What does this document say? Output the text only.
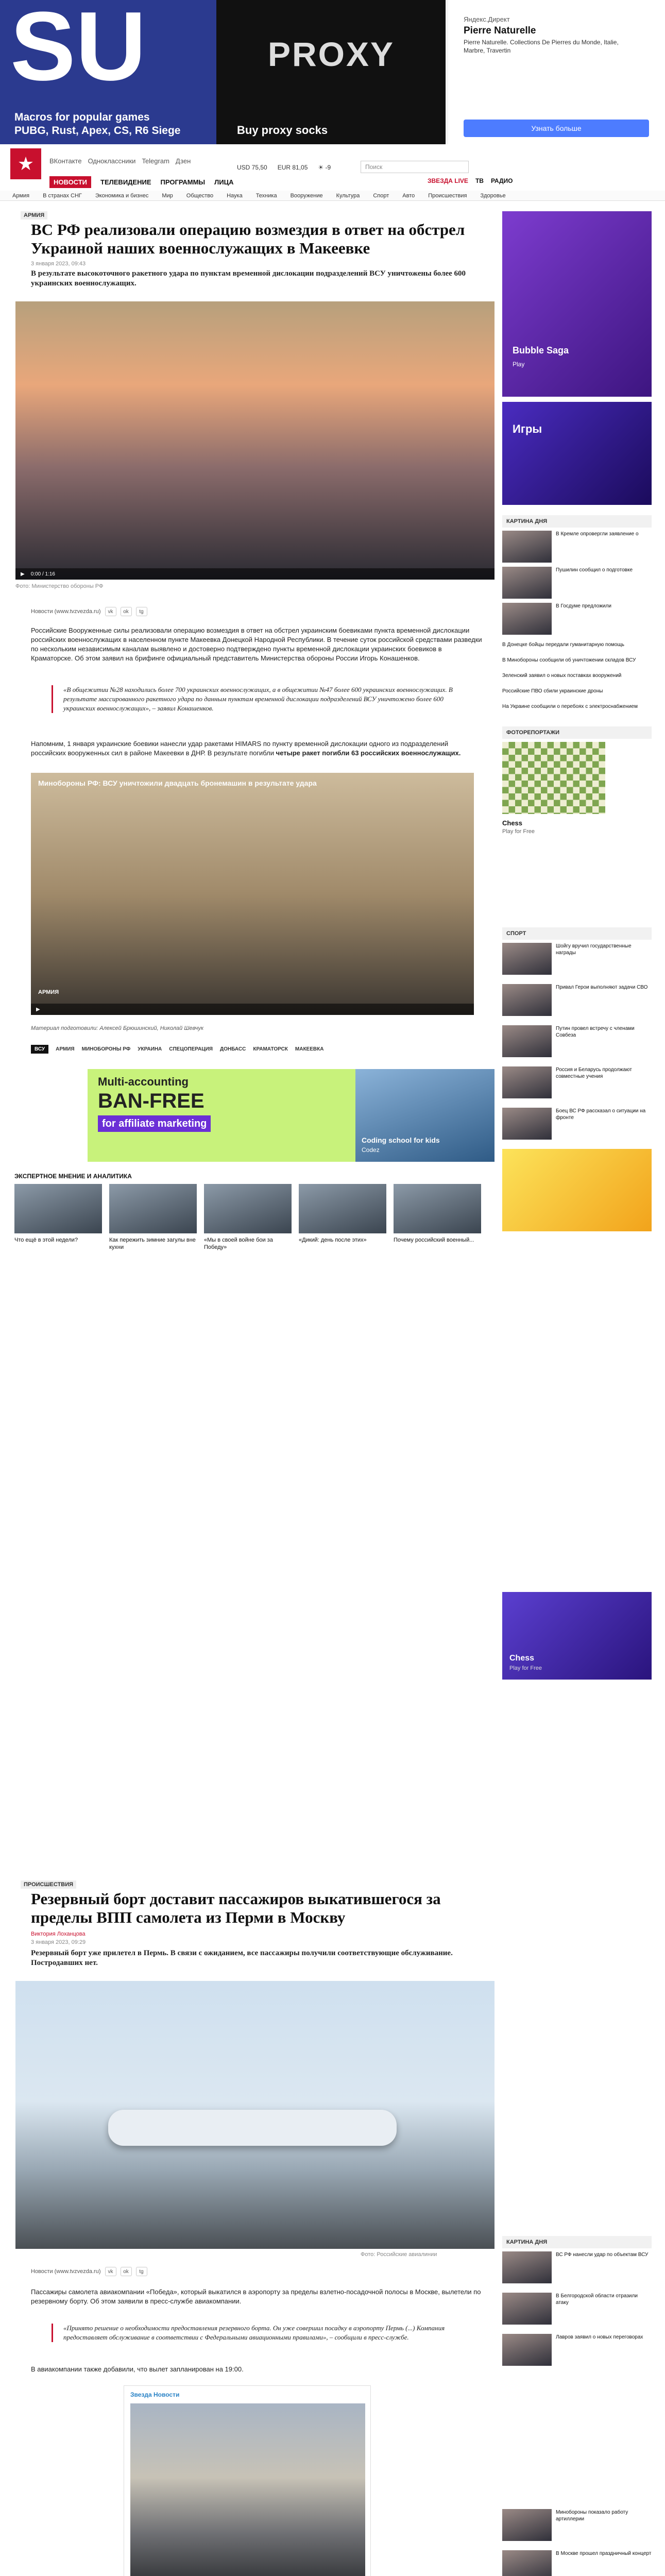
SU
Macros for popular games
PUBG, Rust, Apex, CS, R6 Siege
PROXY
Buy proxy socks
Яндекс.Директ
Pierre Naturelle
Pierre Naturelle. Collections De Pierres du Monde, Italie, Marbre, Travertin
Узнать больше
★	ВКонтакте Одноклассники Telegram Дзен
USD 75,50 EUR 81,05 ☀ -9	Поиск
НОВОСТИ	ТЕЛЕВИДЕНИЕ ПРОГРАММЫ ЛИЦА	ЗВЕЗДА LIVE ТВ РАДИО
Армия В странах СНГ Экономика и бизнес Мир Общество Наука Техника Вооружение Культура Спорт Авто Происшествия Здоровье
АРМИЯ
ВС РФ реализовали операцию возмездия в ответ на обстрел Украиной наших военнослужащих в Макеевке
3 января 2023, 09:43
В результате высокоточного ракетного удара по пунктам временной дислокации подразделений ВСУ уничтожены более 600 украинских военнослужащих.
▶ 0:00 / 1:16
Фото: Министерство обороны РФ
Новости (www.tvzvezda.ru)	vk	ok	tg
Российские Вооруженные силы реализовали операцию возмездия в ответ на обстрел украинским боевиками пункта временной дислокации российских военнослужащих в населенном пункте Макеевка Донецкой Народной Республики. В течение суток российской средствами разведки по нескольким независимым каналам выявлено и достоверно подтверждено пункты временной дислокации украинских боевиков в Краматорске. Об этом заявил на брифинге официальный представитель Министерства обороны России Игорь Конашенков.
«В общежитии №28 находились более 700 украинских военнослужащих, а в общежитии №47 более 600 украинских военнослужащих. В результате массированного ракетного удара по данным пунктам временной дислокации подразделений ВСУ уничтожено более 600 украинских военнослужащих», – заявил Конашенков.
Напомним, 1 января украинские боевики нанесли удар ракетами HIMARS по пункту временной дислокации одного из подразделений российских вооруженных сил в районе Макеевки в ДНР. В результате погибли четыре ракет погибли 63 российских военнослужащих.
Минобороны РФ: ВСУ уничтожили двадцать бронемашин в результате удара
АРМИЯ
▶
Материал подготовили: Алексей Брюшинский, Николай Шевчук
ВСУ	АРМИЯ МИНОБОРОНЫ РФ УКРАИНА СПЕЦОПЕРАЦИЯ ДОНБАСС КРАМАТОРСК МАКЕЕВКА
Multi-accounting
BAN-FREE
for affiliate marketing
Coding school for kids
Codez
ЭКСПЕРТНОЕ МНЕНИЕ И АНАЛИТИКА
Что ещё в этой недели?	Как пережить зимние загулы вне кухни
«Мы в своей войне бои за Победу»
«Дикий: день после этих»	Почему российский военный...
ПРОИСШЕСТВИЯ
Резервный борт доставит пассажиров выкатившегося за пределы ВПП самолета из Перми в Москву
Виктория Лоханцова
3 января 2023, 09:29
Резервный борт уже прилетел в Пермь. В связи с ожиданием, все пассажиры получили соответствующие обслуживание. Постродавших нет.
Фото: Российские авиалинии
Новости (www.tvzvezda.ru)	vk	ok	tg
Пассажиры самолета авиакомпании «Победа», который выкатился в аэропорту за пределы взлетно-посадочной полосы в Москве, вылетели по резервному борту. Об этом заявили в пресс-службе авиакомпании.
«Принято решение о необходимости предоставления резервного борта. Он уже совершил посадку в аэропорту Пермь (...) Компания предоставляет обслуживание в соответствии с Федеральными авиационными правилами», – сообщили в пресс-службе.
В авиакомпании также добавили, что вылет запланирован на 19:00.
Звезда Новости
Bubble Saga
Play
Игры
КАРТИНА ДНЯ
В Кремле опровергли заявление о
Пушилин сообщил о подготовке
В Госдуме предложили
В Донецке бойцы передали гуманитарную помощь
В Минобороны сообщили об уничтожении складов ВСУ
Зеленский заявил о новых поставках вооружений
Российские ПВО сбили украинские дроны
На Украине сообщили о перебоях с электроснабжением
ФОТОРЕПОРТАЖИ
Chess
Play for Free
СПОРТ
Шойгу вручил государственные награды
Привал Герои выполняют задачи СВО
Путин провел встречу с членами Совбеза
Россия и Беларусь продолжают совместные учения
Боец ВС РФ рассказал о ситуации на фронте
Chess
Play for Free
КАРТИНА ДНЯ
ВС РФ нанесли удар по объектам ВСУ
В Белгородской области отразили атаку
Лавров заявил о новых переговорах
Минобороны показало работу артиллерии
В Москве прошел праздничный концерт
